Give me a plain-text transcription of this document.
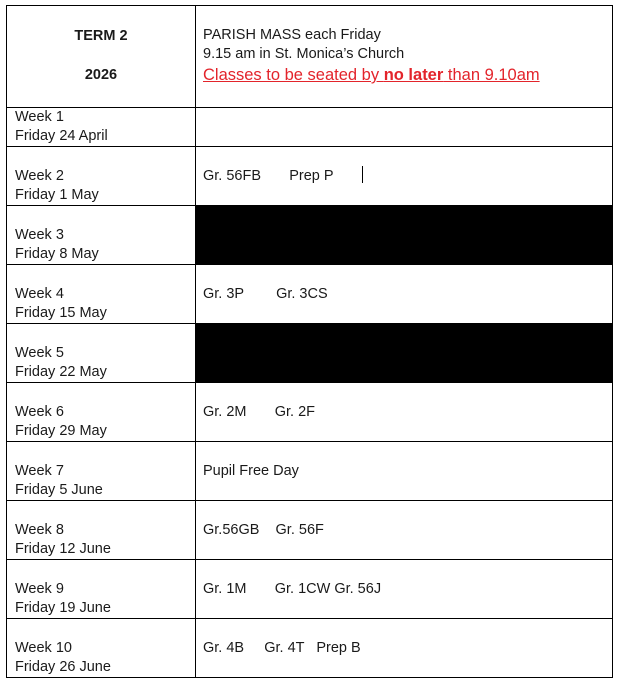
TERM 2
2026	PARISH MASS each Friday
9.15 am in St. Monica’s Church
Classes to be seated by no later than 9.10am

Week 1
Friday 24 April	

Week 2
Friday 1 May	Gr. 56FB       Prep P

Week 3
Friday 8 May	

Week 4
Friday 15 May	Gr. 3P        Gr. 3CS

Week 5
Friday 22 May	

Week 6
Friday 29 May	Gr. 2M       Gr. 2F

Week 7
Friday 5 June	Pupil Free Day

Week 8
Friday 12 June	Gr.56GB    Gr. 56F

Week 9
Friday 19 June	Gr. 1M       Gr. 1CW Gr. 56J

Week 10
Friday 26 June	Gr. 4B     Gr. 4T   Prep B
